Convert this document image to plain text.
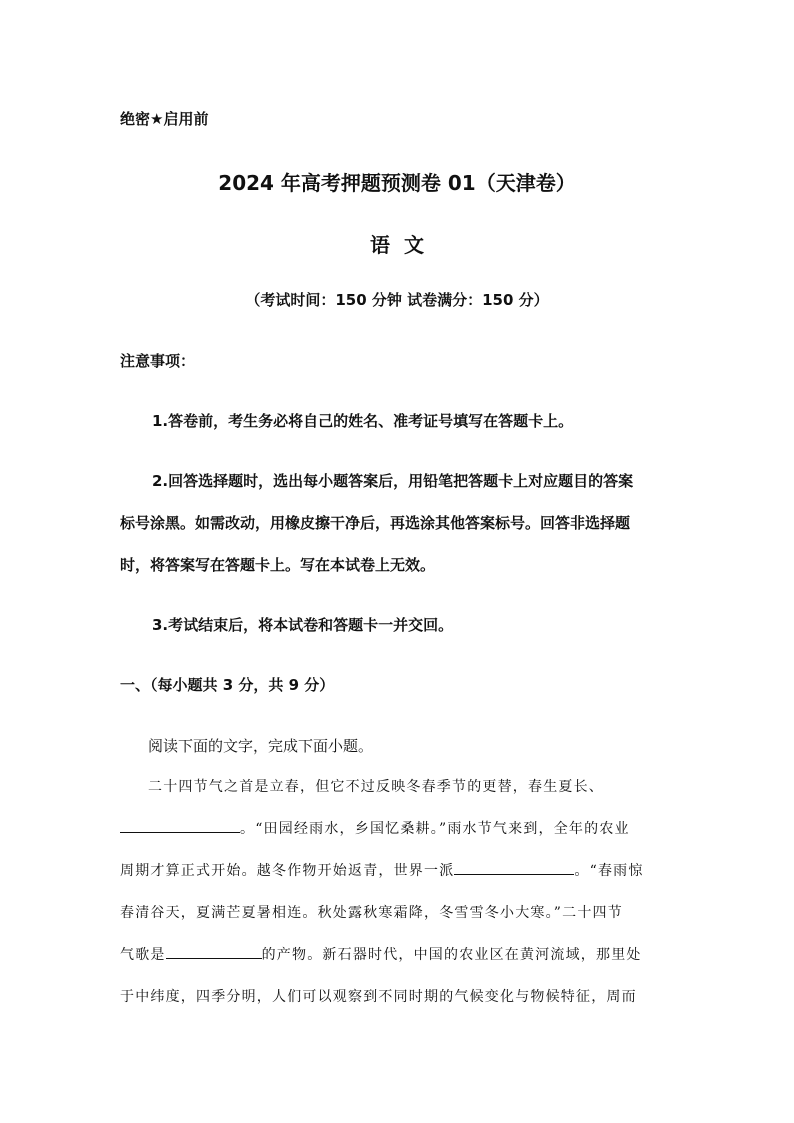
绝密★启用前
2024 年高考押题预测卷 01（天津卷）
语文
（考试时间：150 分钟 试卷满分：150 分）
注意事项：
1.答卷前，考生务必将自己的姓名、准考证号填写在答题卡上。
2.回答选择题时，选出每小题答案后，用铅笔把答题卡上对应题目的答案
标号涂黑。如需改动，用橡皮擦干净后，再选涂其他答案标号。回答非选择题
时，将答案写在答题卡上。写在本试卷上无效。
3.考试结束后，将本试卷和答题卡一并交回。
一、（每小题共 3 分，共 9 分）
阅读下面的文字，完成下面小题。
二十四节气之首是立春，但它不过反映冬春季节的更替，春生夏长、
。“田园经雨水，乡国忆桑耕。”雨水节气来到，全年的农业
周期才算正式开始。越冬作物开始返青，世界一派	。“春雨惊
春清谷天，夏满芒夏暑相连。秋处露秋寒霜降，冬雪雪冬小大寒。”二十四节
气歌是	的产物。新石器时代，中国的农业区在黄河流域，那里处
于中纬度，四季分明，人们可以观察到不同时期的气候变化与物候特征，周而
